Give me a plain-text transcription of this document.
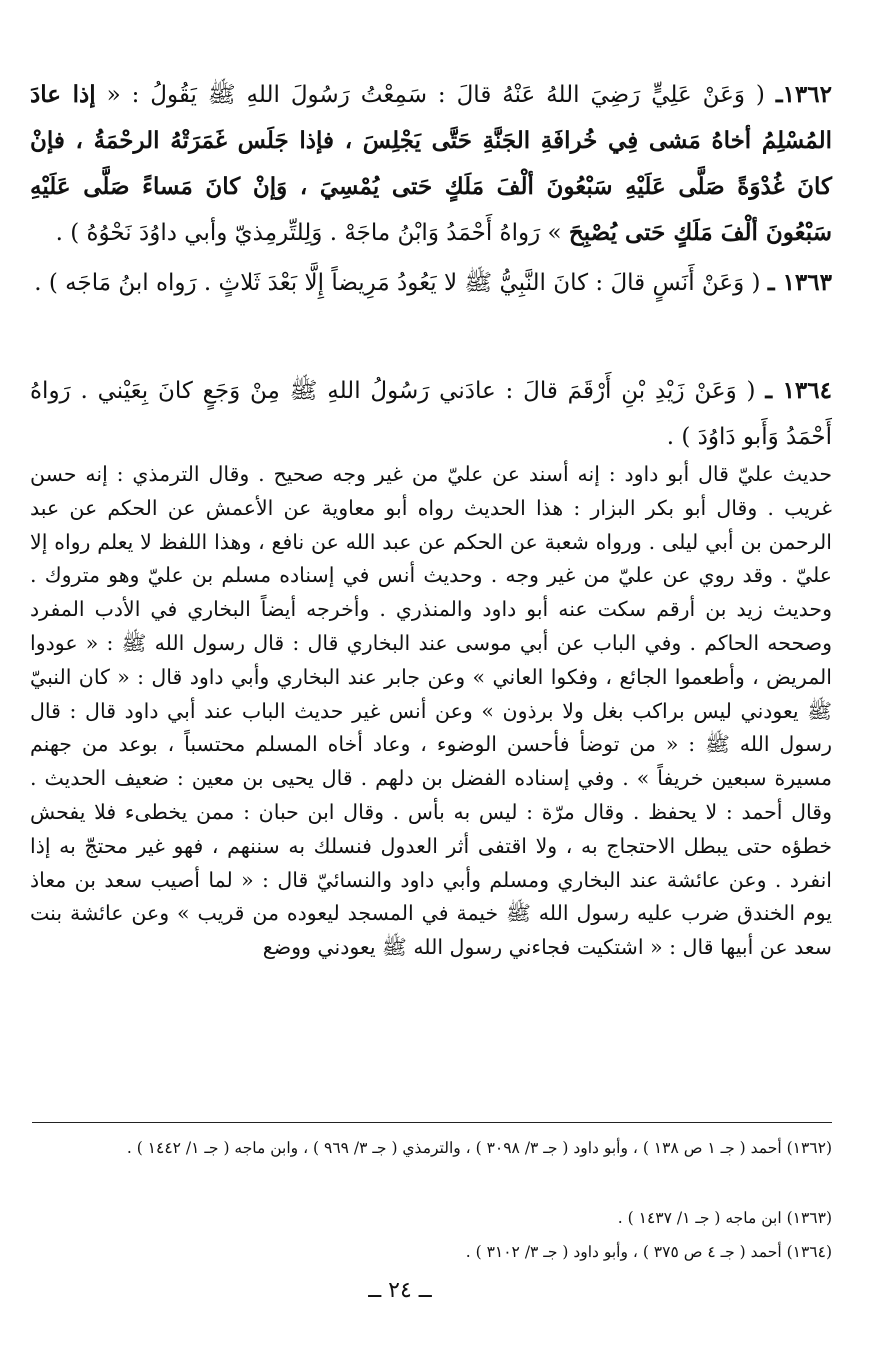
١٣٦٢ـ ( وَعَنْ عَلِيٍّ رَضِيَ اللهُ عَنْهُ قالَ : سَمِعْتُ رَسُولَ اللهِ ﷺ يَقُولُ : « إذا عادَ المُسْلِمُ أخاهُ مَشى فِي خُرافَةِ الجَنَّةِ حَتَّى يَجْلِسَ ، فإذا جَلَس غَمَرَتْهُ الرحْمَةُ ، فإنْ كانَ غُدْوَةً صَلَّى عَلَيْهِ سَبْعُونَ ألْفَ مَلَكٍ حَتى يُمْسِيَ ، وَإنْ كانَ مَساءً صَلَّى عَلَيْهِ سَبْعُونَ ألْفَ مَلَكٍ حَتى يُصْبِحَ » رَواهُ أَحْمَدُ وَابْنُ ماجَهْ . وَلِلتِّرمِذيّ وأبي داوُدَ نَحْوُهُ ) .

١٣٦٣ ـ ( وَعَنْ أَنَسٍ قالَ : كانَ النَّبِيُّ ﷺ لا يَعُودُ مَرِيضاً إِلَّا بَعْدَ ثَلاثٍ . رَواه ابنُ مَاجَه ) .

١٣٦٤ ـ ( وَعَنْ زَيْدِ بْنِ أَرْقَمَ قالَ : عادَني رَسُولُ اللهِ ﷺ مِنْ وَجَعٍ كانَ بِعَيْني . رَواهُ أَحْمَدُ وَأَبو دَاوُدَ ) .

حديث عليّ قال أبو داود : إنه أسند عن عليّ من غير وجه صحيح . وقال الترمذي : إنه حسن غريب . وقال أبو بكر البزار : هذا الحديث رواه أبو معاوية عن الأعمش عن الحكم عن عبد الرحمن بن أبي ليلى . ورواه شعبة عن الحكم عن عبد الله عن نافع ، وهذا اللفظ لا يعلم رواه إلا عليّ . وقد روي عن عليّ من غير وجه . وحديث أنس في إسناده مسلم بن عليّ وهو متروك . وحديث زيد بن أرقم سكت عنه أبو داود والمنذري . وأخرجه أيضاً البخاري في الأدب المفرد وصححه الحاكم . وفي الباب عن أبي موسى عند البخاري قال : قال رسول الله ﷺ : « عودوا المريض ، وأطعموا الجائع ، وفكوا العاني » وعن جابر عند البخاري وأبي داود قال : « كان النبيّ ﷺ يعودني ليس براكب بغل ولا برذون » وعن أنس غير حديث الباب عند أبي داود قال : قال رسول الله ﷺ : « من توضأ فأحسن الوضوء ، وعاد أخاه المسلم محتسباً ، بوعد من جهنم مسيرة سبعين خريفاً » . وفي إسناده الفضل بن دلهم . قال يحيى بن معين : ضعيف الحديث . وقال أحمد : لا يحفظ . وقال مرّة : ليس به بأس . وقال ابن حبان : ممن يخطىء فلا يفحش خطؤه حتى يبطل الاحتجاج به ، ولا اقتفى أثر العدول فنسلك به سننهم ، فهو غير محتجّ به إذا انفرد . وعن عائشة عند البخاري ومسلم وأبي داود والنسائيّ قال : « لما أصيب سعد بن معاذ يوم الخندق ضرب عليه رسول الله ﷺ خيمة في المسجد ليعوده من قريب » وعن عائشة بنت سعد عن أبيها قال : « اشتكيت فجاءني رسول الله ﷺ يعودني ووضع

(١٣٦٢) أحمد ( جـ ١ ص ١٣٨ ) ، وأبو داود ( جـ ٣/ ٣٠٩٨ ) ، والترمذي ( جـ ٣/ ٩٦٩ ) ، وابن ماجه ( جـ ١/ ١٤٤٢ ) .

(١٣٦٣) ابن ماجه ( جـ ١/ ١٤٣٧ ) .

(١٣٦٤) أحمد ( جـ ٤ ص ٣٧٥ ) ، وأبو داود ( جـ ٣/ ٣١٠٢ ) .

ــ ٢٤ ــ
